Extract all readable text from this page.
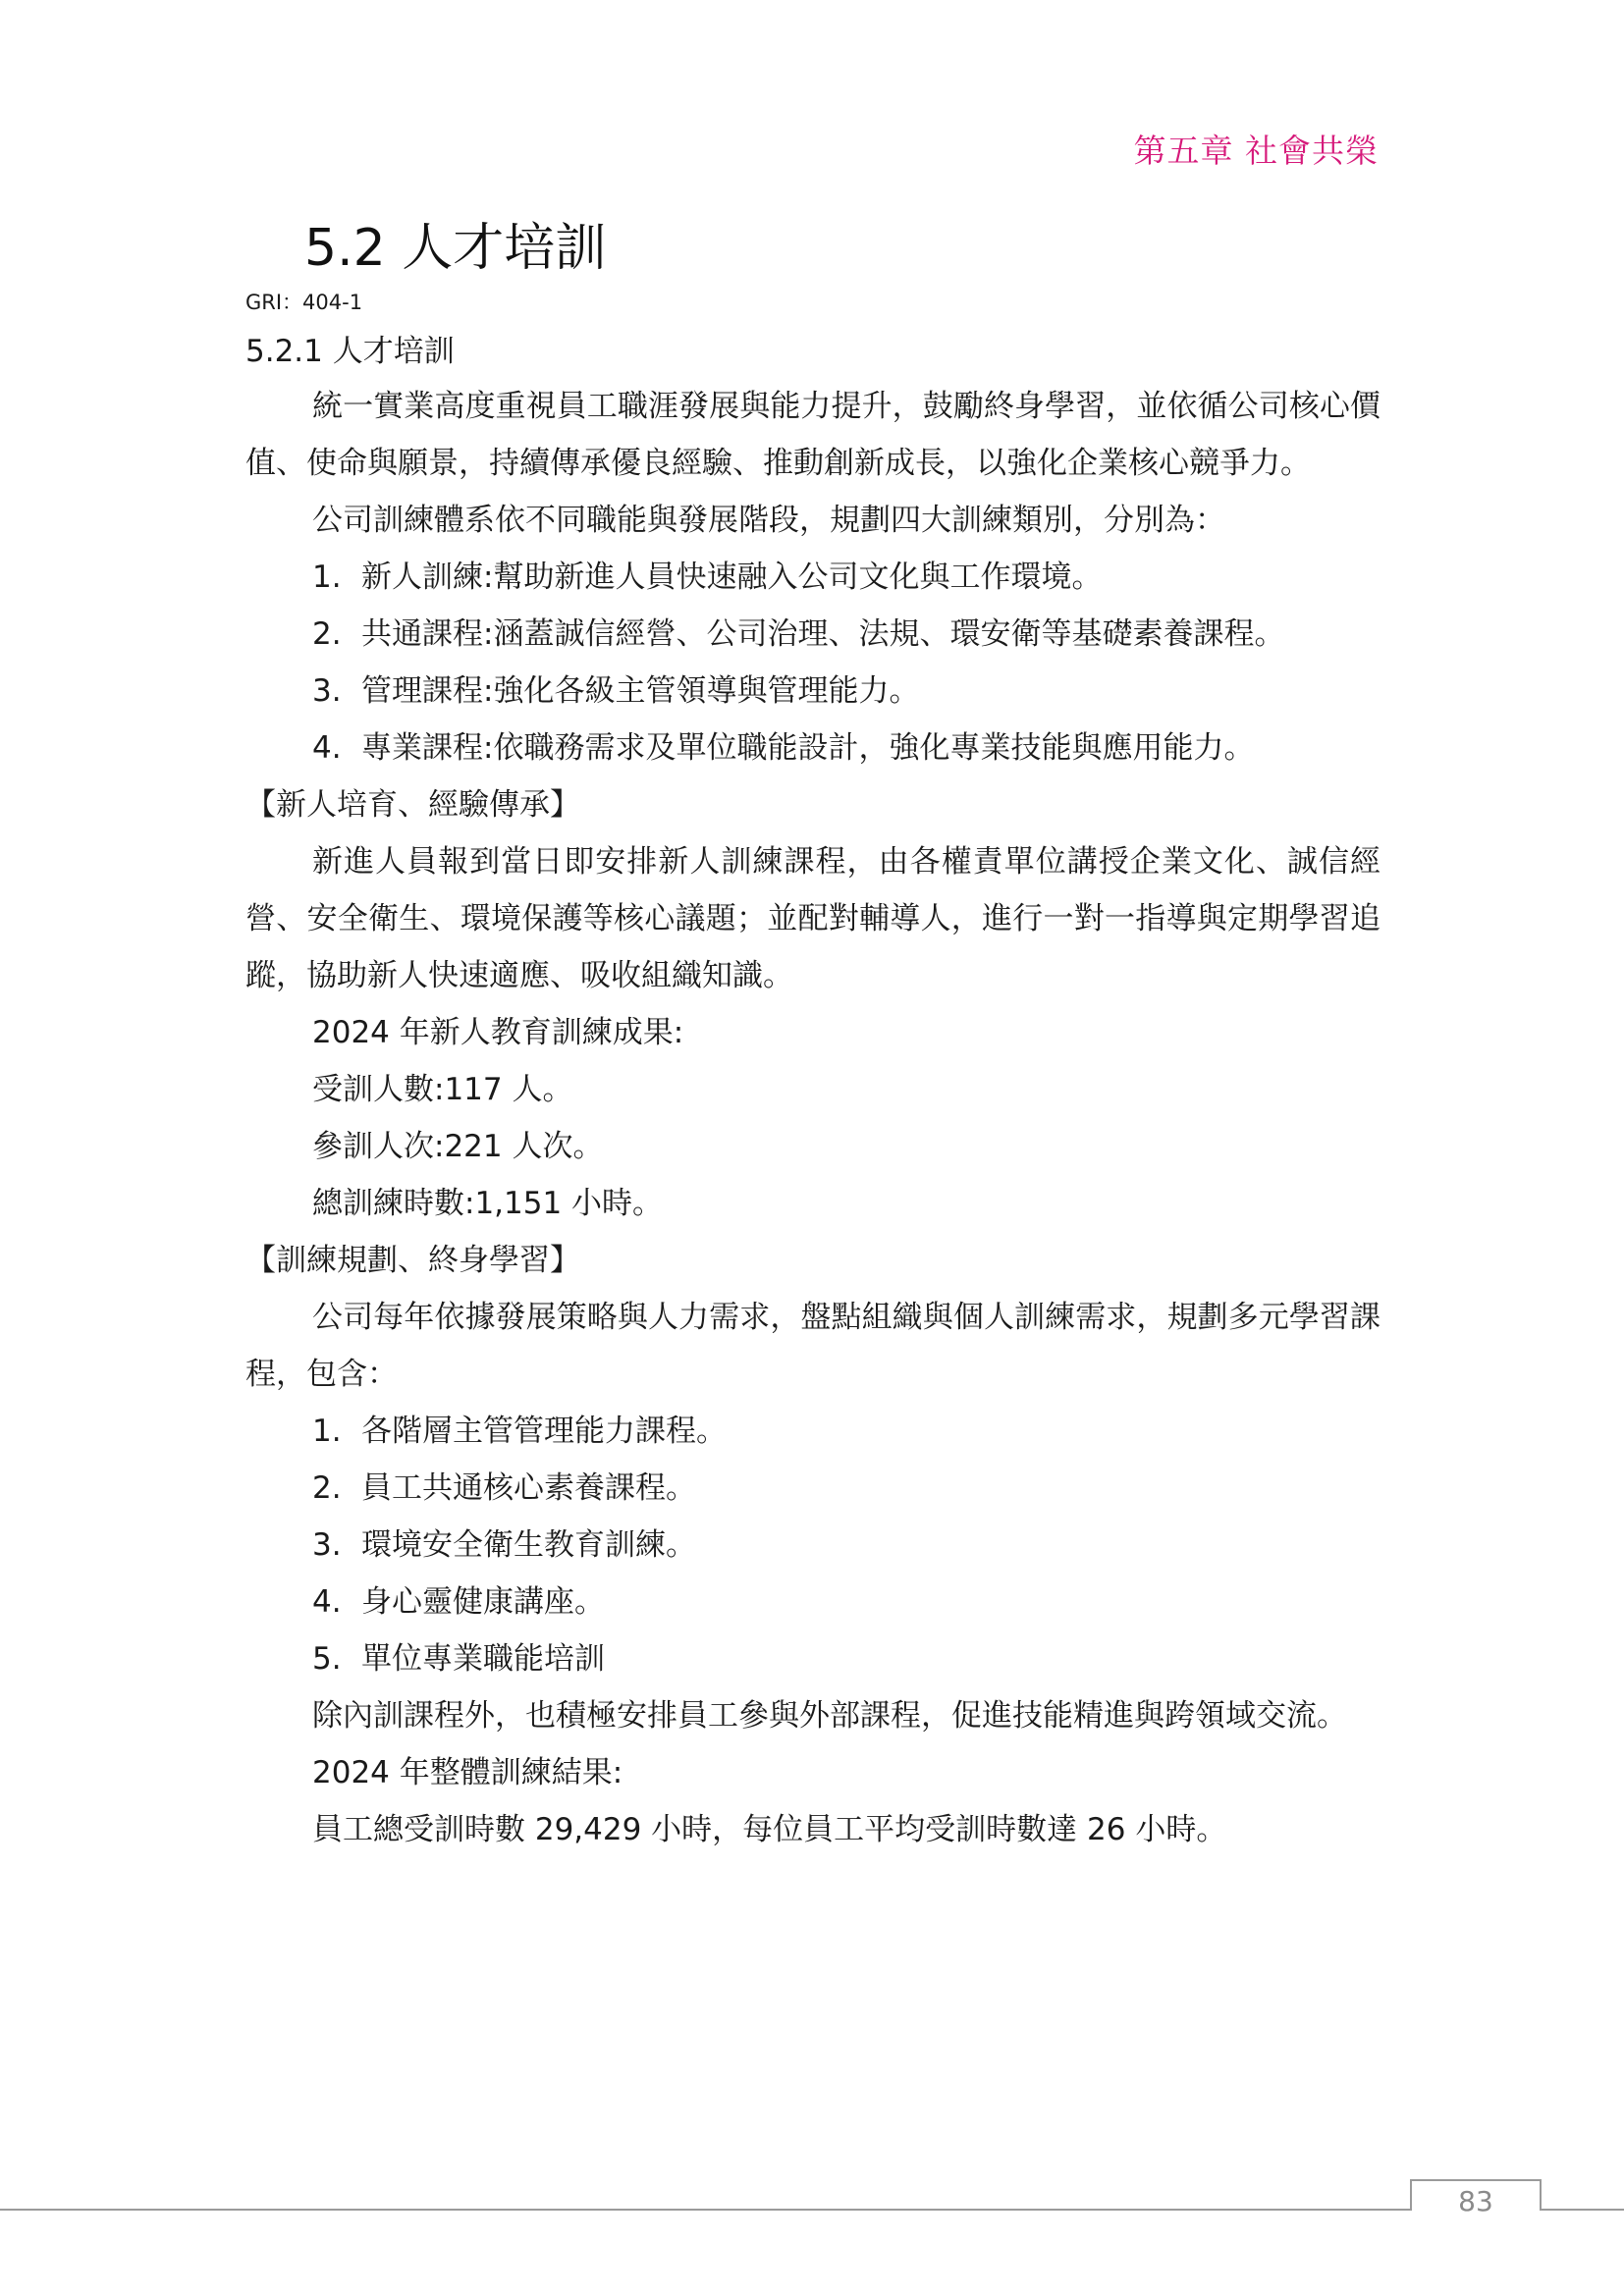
第五章 社會共榮
5.2 人才培訓
GRI：404-1
5.2.1 人才培訓

統一實業高度重視員工職涯發展與能力提升，鼓勵終身學習，並依循公司核心價值、使命與願景，持續傳承優良經驗、推動創新成長，以強化企業核心競爭力。

公司訓練體系依不同職能與發展階段，規劃四大訓練類別，分別為：

1. 新人訓練:幫助新進人員快速融入公司文化與工作環境。
2. 共通課程:涵蓋誠信經營、公司治理、法規、環安衛等基礎素養課程。
3. 管理課程:強化各級主管領導與管理能力。
4. 專業課程:依職務需求及單位職能設計，強化專業技能與應用能力。

【新人培育、經驗傳承】

新進人員報到當日即安排新人訓練課程，由各權責單位講授企業文化、誠信經營、安全衛生、環境保護等核心議題；並配對輔導人，進行一對一指導與定期學習追蹤，協助新人快速適應、吸收組織知識。

2024 年新人教育訓練成果:

受訓人數:117 人。

參訓人次:221 人次。

總訓練時數:1,151 小時。

【訓練規劃、終身學習】

公司每年依據發展策略與人力需求，盤點組織與個人訓練需求，規劃多元學習課程，包含：

1. 各階層主管管理能力課程。
2. 員工共通核心素養課程。
3. 環境安全衛生教育訓練。
4. 身心靈健康講座。
5. 單位專業職能培訓

除內訓課程外，也積極安排員工參與外部課程，促進技能精進與跨領域交流。

2024 年整體訓練結果:

員工總受訓時數 29,429 小時，每位員工平均受訓時數達 26 小時。

83
